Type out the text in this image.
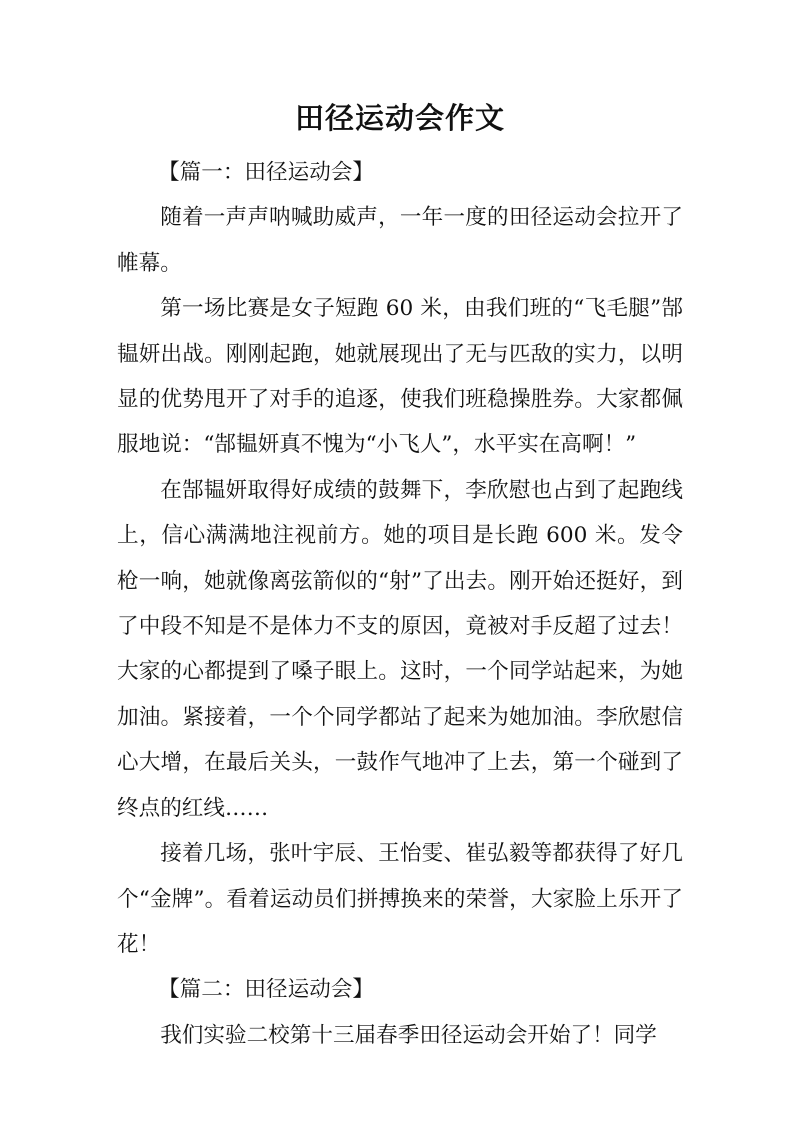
田径运动会作文

【篇一：田径运动会】

随着一声声呐喊助威声，一年一度的田径运动会拉开了帷幕。

第一场比赛是女子短跑 60 米，由我们班的“飞毛腿”郜韫妍出战。刚刚起跑，她就展现出了无与匹敌的实力，以明显的优势甩开了对手的追逐，使我们班稳操胜券。大家都佩服地说：“郜韫妍真不愧为“小飞人”，水平实在高啊！”

在郜韫妍取得好成绩的鼓舞下，李欣慰也占到了起跑线上，信心满满地注视前方。她的项目是长跑 600 米。发令枪一响，她就像离弦箭似的“射”了出去。刚开始还挺好，到了中段不知是不是体力不支的原因，竟被对手反超了过去！大家的心都提到了嗓子眼上。这时，一个同学站起来，为她加油。紧接着，一个个同学都站了起来为她加油。李欣慰信心大增，在最后关头，一鼓作气地冲了上去，第一个碰到了终点的红线……

接着几场，张叶宇辰、王怡雯、崔弘毅等都获得了好几个“金牌”。看着运动员们拼搏换来的荣誉，大家脸上乐开了花！

【篇二：田径运动会】

我们实验二校第十三届春季田径运动会开始了！同学
